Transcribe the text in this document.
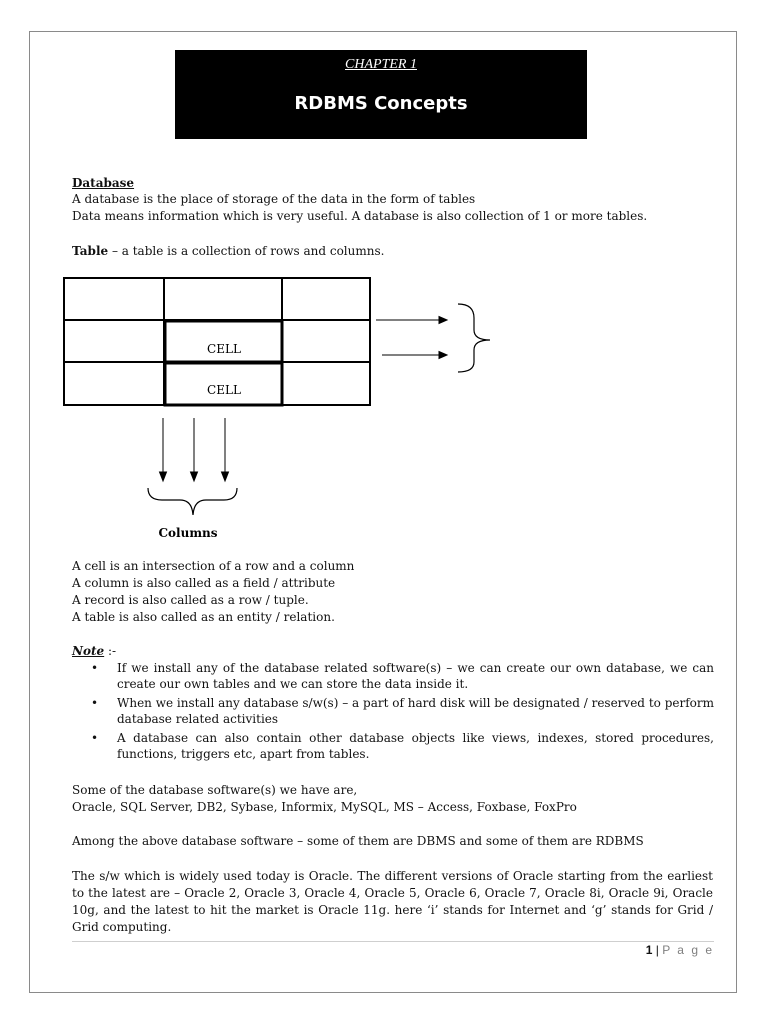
CHAPTER 1
RDBMS Concepts
Database
A database is the place of storage of the data in the form of tables
Data means information which is very useful. A database is also collection of 1 or more tables.
Table – a table is a collection of rows and columns.
CELL
CELL
Columns
A cell is an intersection of a row and a column
A column is also called as a field / attribute
A record is also called as a row / tuple.
A table is also called as an entity / relation.
Note :-
• If we install any of the database related software(s) – we can create our own database, we can create our own tables and we can store the data inside it.
• When we install any database s/w(s) – a part of hard disk will be designated / reserved to perform database related activities
• A database can also contain other database objects like views, indexes, stored procedures, functions, triggers etc, apart from tables.
Some of the database software(s) we have are,
Oracle, SQL Server, DB2, Sybase, Informix, MySQL, MS – Access, Foxbase, FoxPro
Among the above database software – some of them are DBMS and some of them are RDBMS
The s/w which is widely used today is Oracle. The different versions of Oracle starting from the earliest to the latest are – Oracle 2, Oracle 3, Oracle 4, Oracle 5, Oracle 6, Oracle 7, Oracle 8i, Oracle 9i, Oracle 10g, and the latest to hit the market is Oracle 11g. here ‘i’ stands for Internet and ‘g’ stands for Grid / Grid computing.
1 | P a g e
